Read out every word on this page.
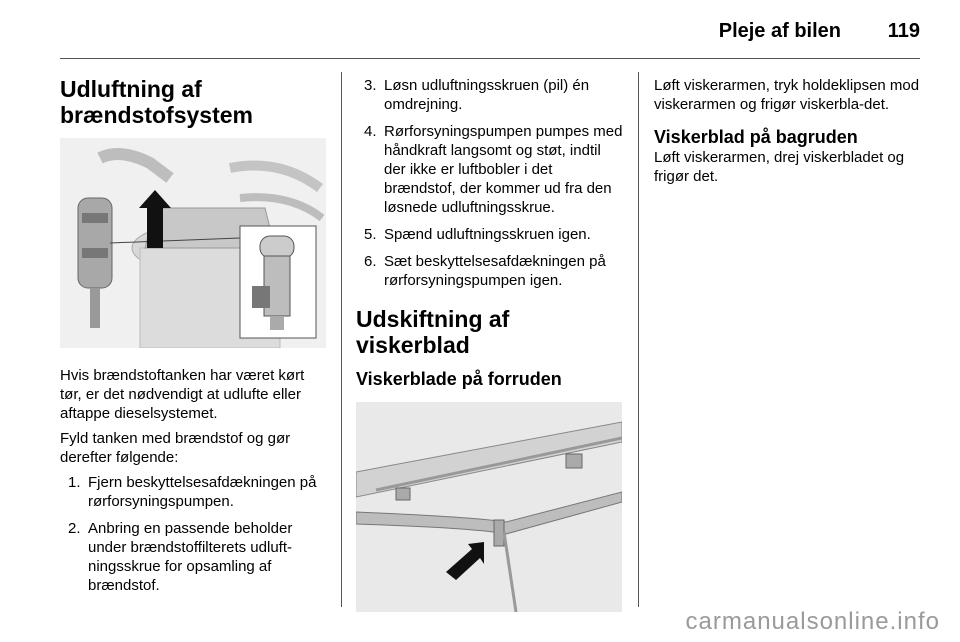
Pleje af bilen 119
Udluftning af
brændstofsystem

Hvis brændstoftanken har været kørt tør, er det nødvendigt at udlufte eller aftappe dieselsystemet.

Fyld tanken med brændstof og gør derefter følgende:

1. Fjern beskyttelsesafdækningen på rørforsyningspumpen.
2. Anbring en passende beholder under brændstoffilterets udluft-ningsskrue for opsamling af brændstof.
3. Løsn udluftningsskruen (pil) én omdrejning.
4. Rørforsyningspumpen pumpes med håndkraft langsomt og støt, indtil der ikke er luftbobler i det brændstof, der kommer ud fra den løsnede udluftningsskrue.
5. Spænd udluftningsskruen igen.
6. Sæt beskyttelsesafdækningen på rørforsyningspumpen igen.
Udskiftning af viskerblad
Viskerblade på forruden

Løft viskerarmen, tryk holdeklipsen mod viskerarmen og frigør viskerbla-det.

Viskerblad på bagruden

Løft viskerarmen, drej viskerbladet og frigør det.

carmanualsonline.info
